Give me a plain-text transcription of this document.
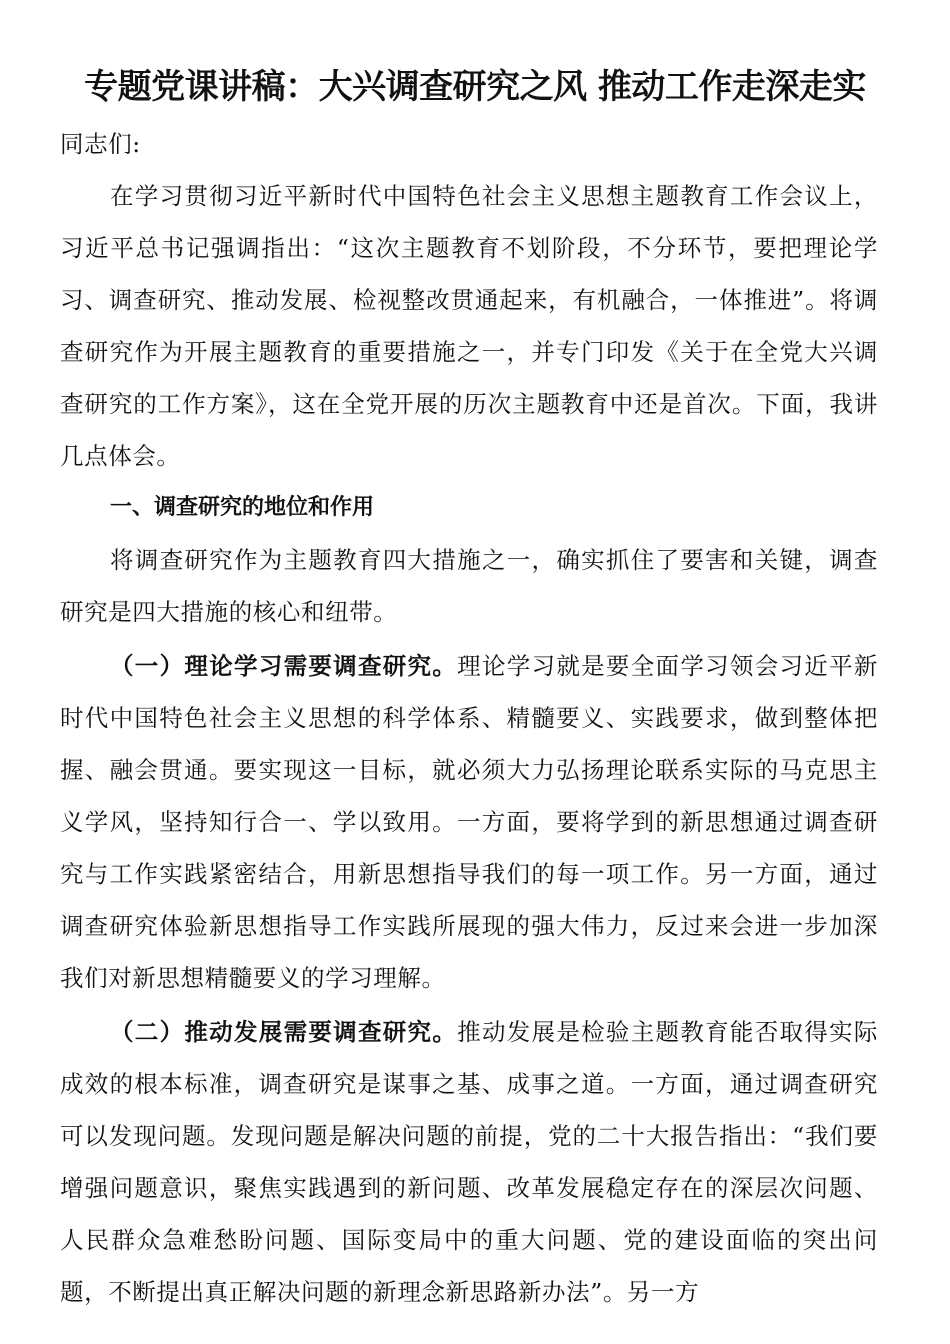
专题党课讲稿：大兴调查研究之风 推动工作走深走实

同志们:

在学习贯彻习近平新时代中国特色社会主义思想主题教育工作会议上，习近平总书记强调指出：“这次主题教育不划阶段，不分环节，要把理论学习、调查研究、推动发展、检视整改贯通起来，有机融合，一体推进”。将调查研究作为开展主题教育的重要措施之一，并专门印发《关于在全党大兴调查研究的工作方案》，这在全党开展的历次主题教育中还是首次。下面，我讲几点体会。

一、调查研究的地位和作用

将调查研究作为主题教育四大措施之一，确实抓住了要害和关键，调查研究是四大措施的核心和纽带。

（一）理论学习需要调查研究。理论学习就是要全面学习领会习近平新时代中国特色社会主义思想的科学体系、精髓要义、实践要求，做到整体把握、融会贯通。要实现这一目标，就必须大力弘扬理论联系实际的马克思主义学风，坚持知行合一、学以致用。一方面，要将学到的新思想通过调查研究与工作实践紧密结合，用新思想指导我们的每一项工作。另一方面，通过调查研究体验新思想指导工作实践所展现的强大伟力，反过来会进一步加深我们对新思想精髓要义的学习理解。

（二）推动发展需要调查研究。推动发展是检验主题教育能否取得实际成效的根本标准，调查研究是谋事之基、成事之道。一方面，通过调查研究可以发现问题。发现问题是解决问题的前提，党的二十大报告指出：“我们要增强问题意识，聚焦实践遇到的新问题、改革发展稳定存在的深层次问题、人民群众急难愁盼问题、国际变局中的重大问题、党的建设面临的突出问题，不断提出真正解决问题的新理念新思路新办法”。另一方
